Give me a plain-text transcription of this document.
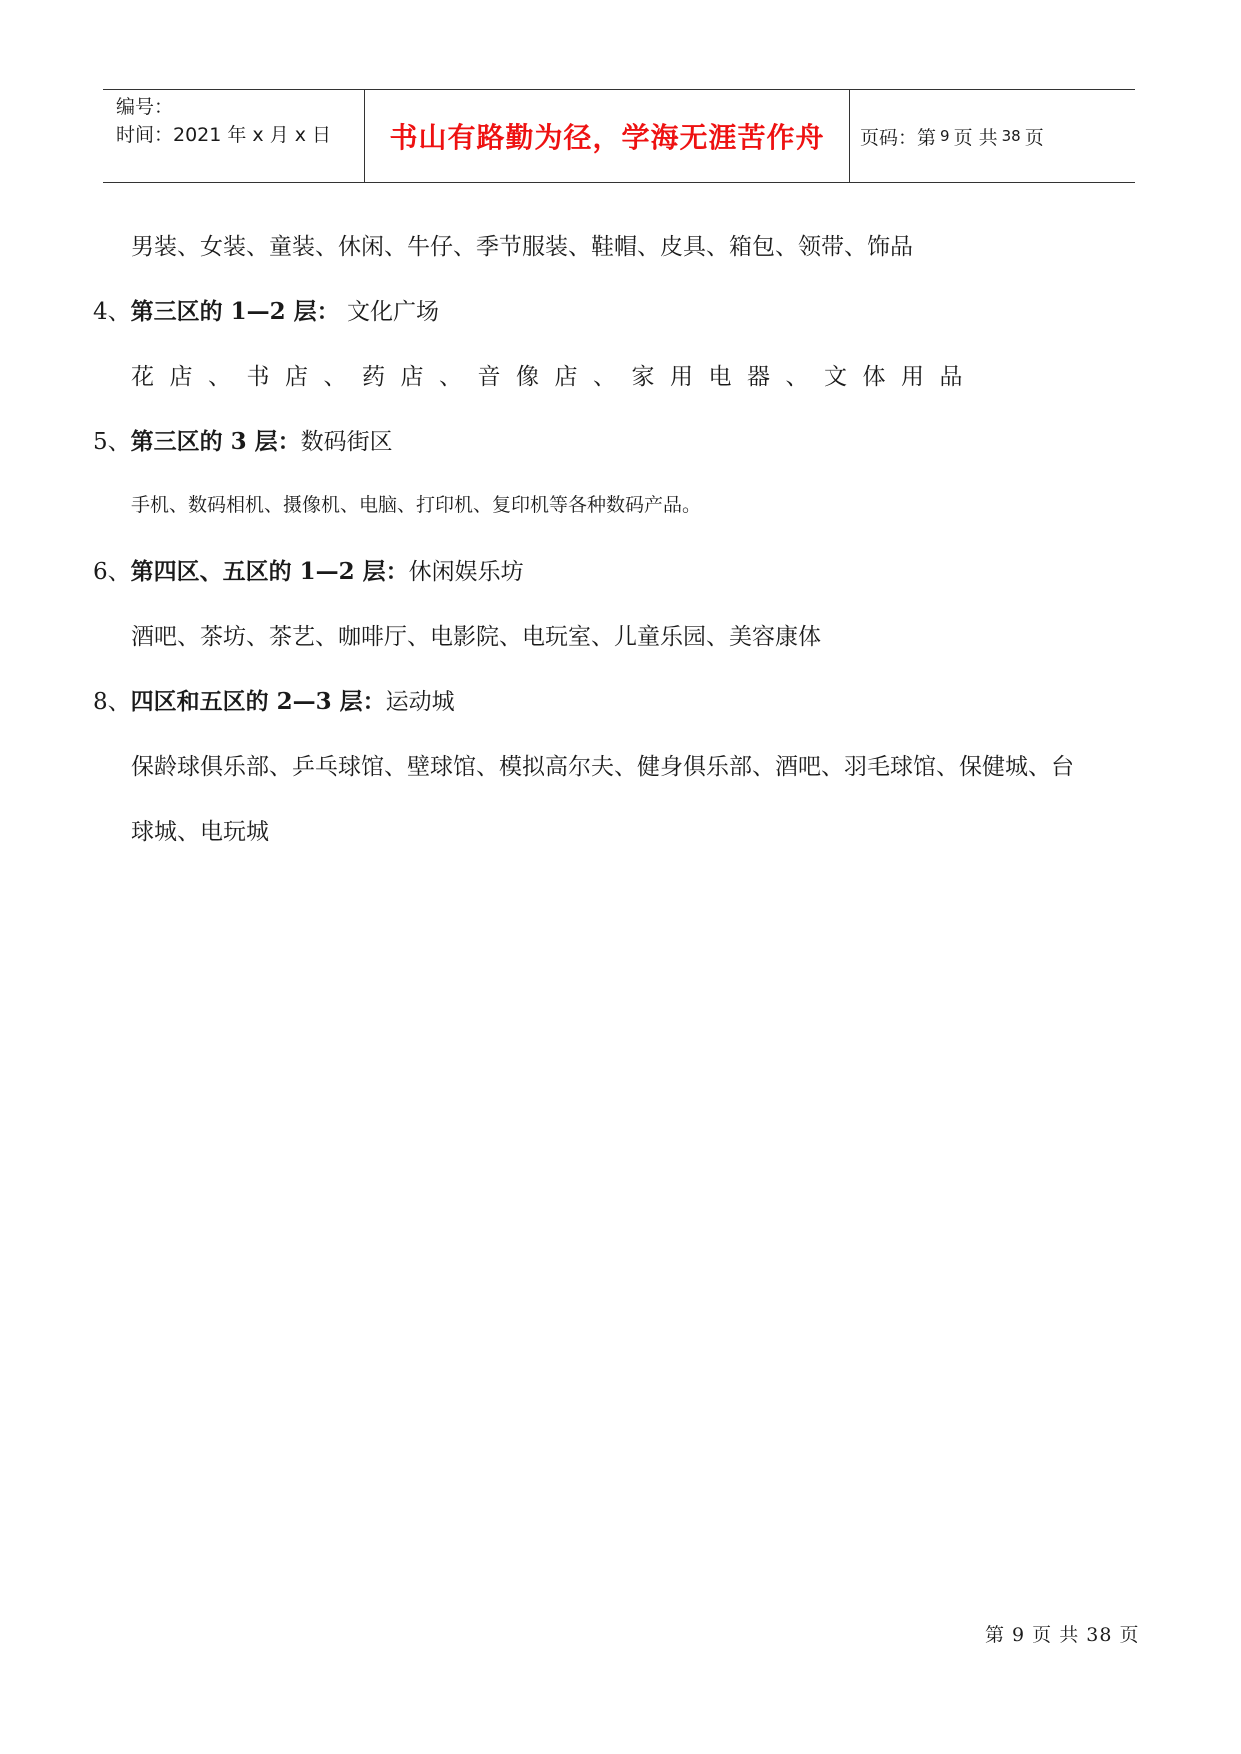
编号：
时间：2021 年 x 月 x 日	书山有路勤为径，学海无涯苦作舟 页码：第 9 页 共 38 页
男装、女装、童装、休闲、牛仔、季节服装、鞋帽、皮具、箱包、领带、饰品
4、第三区的 1—2 层： 文化广场
花店、书店、药店、音像店、家用电器、文体用品
5、第三区的 3 层：数码街区
手机、数码相机、摄像机、电脑、打印机、复印机等各种数码产品。
6、第四区、五区的 1—2 层：休闲娱乐坊
酒吧、茶坊、茶艺、咖啡厅、电影院、电玩室、儿童乐园、美容康体
8、四区和五区的 2—3 层：运动城
保龄球俱乐部、乒乓球馆、壁球馆、模拟高尔夫、健身俱乐部、酒吧、羽毛球馆、保健城、台
球城、电玩城
第 9 页 共 38 页
